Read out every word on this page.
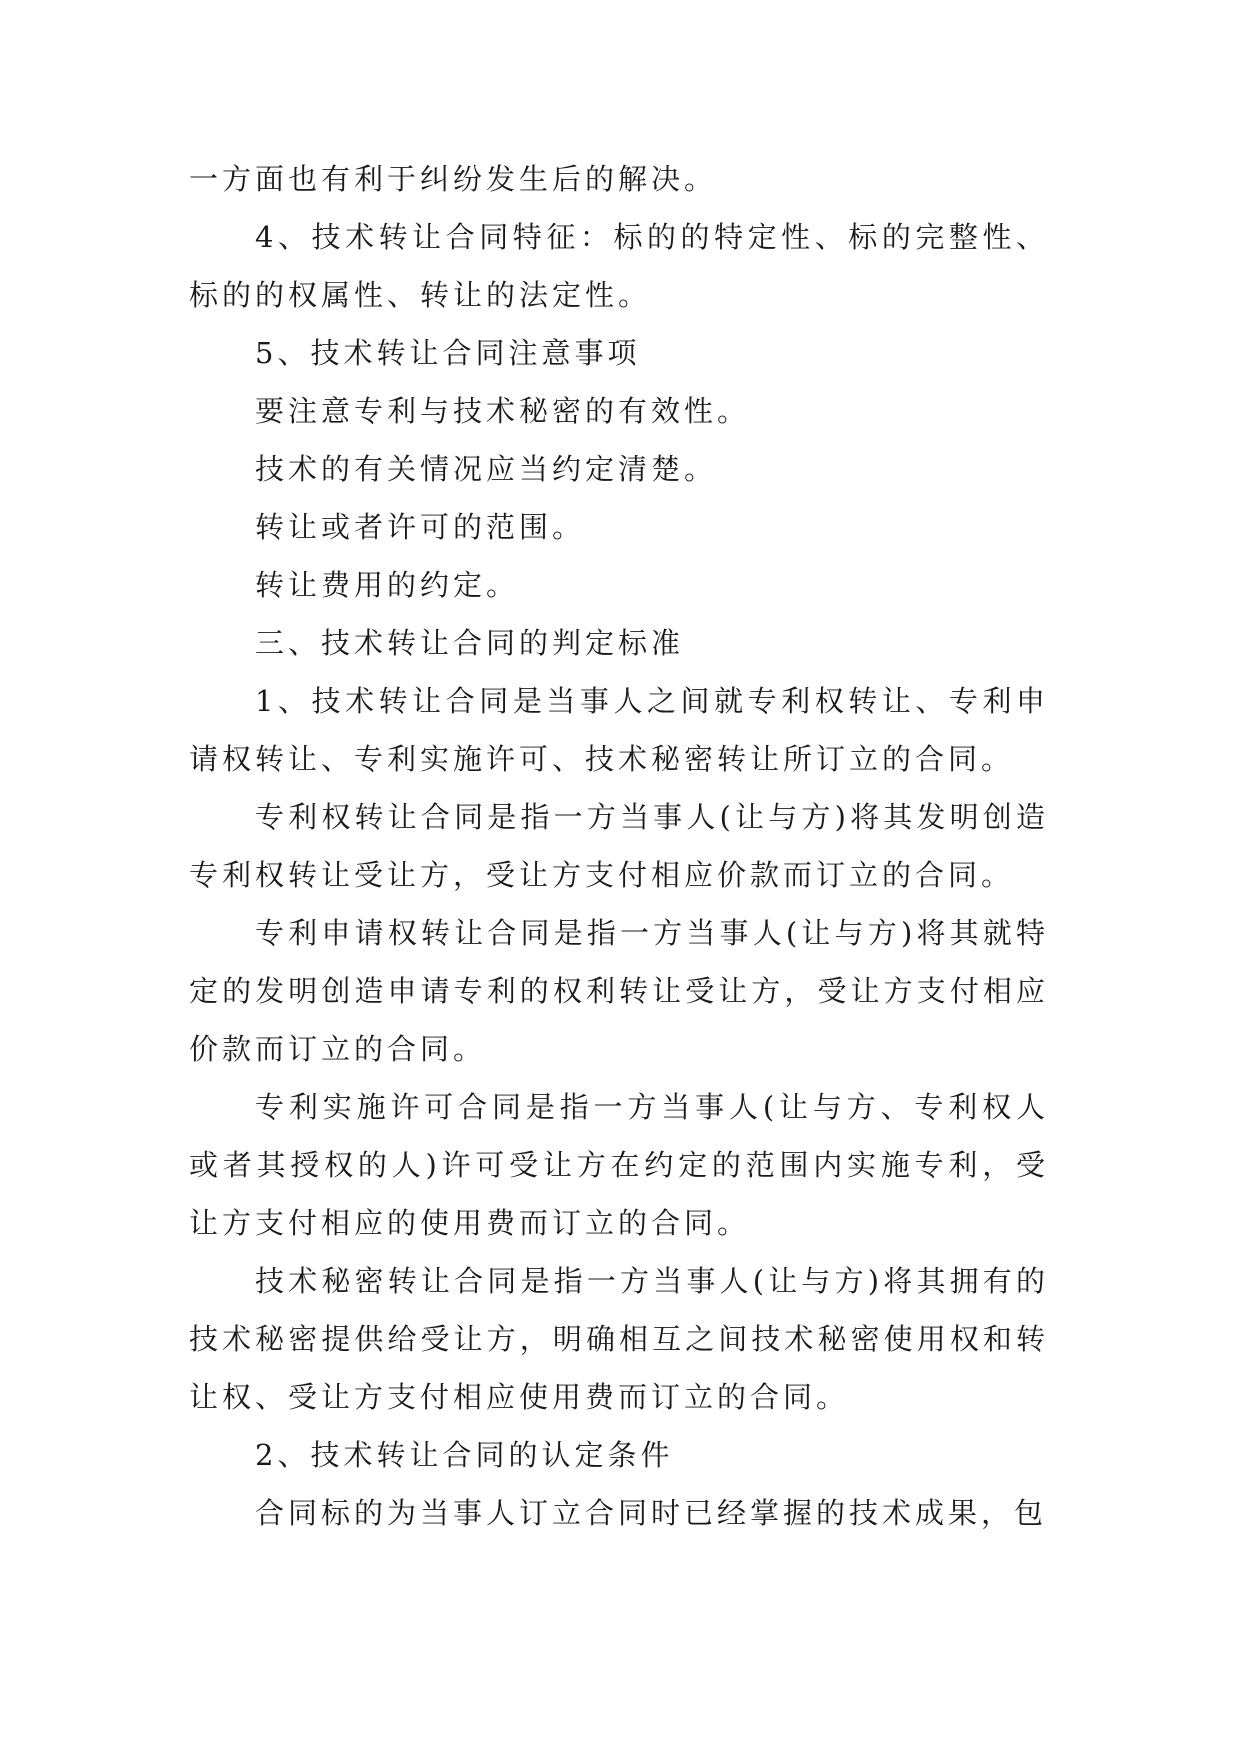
一方面也有利于纠纷发生后的解决。

4、技术转让合同特征：标的的特定性、标的完整性、标的的权属性、转让的法定性。

5、技术转让合同注意事项

要注意专利与技术秘密的有效性。

技术的有关情况应当约定清楚。

转让或者许可的范围。

转让费用的约定。

三、技术转让合同的判定标准

1、技术转让合同是当事人之间就专利权转让、专利申请权转让、专利实施许可、技术秘密转让所订立的合同。

专利权转让合同是指一方当事人(让与方)将其发明创造专利权转让受让方，受让方支付相应价款而订立的合同。

专利申请权转让合同是指一方当事人(让与方)将其就特定的发明创造申请专利的权利转让受让方，受让方支付相应价款而订立的合同。

专利实施许可合同是指一方当事人(让与方、专利权人或者其授权的人)许可受让方在约定的范围内实施专利，受让方支付相应的使用费而订立的合同。

技术秘密转让合同是指一方当事人(让与方)将其拥有的技术秘密提供给受让方，明确相互之间技术秘密使用权和转让权、受让方支付相应使用费而订立的合同。

2、技术转让合同的认定条件

合同标的为当事人订立合同时已经掌握的技术成果，包
